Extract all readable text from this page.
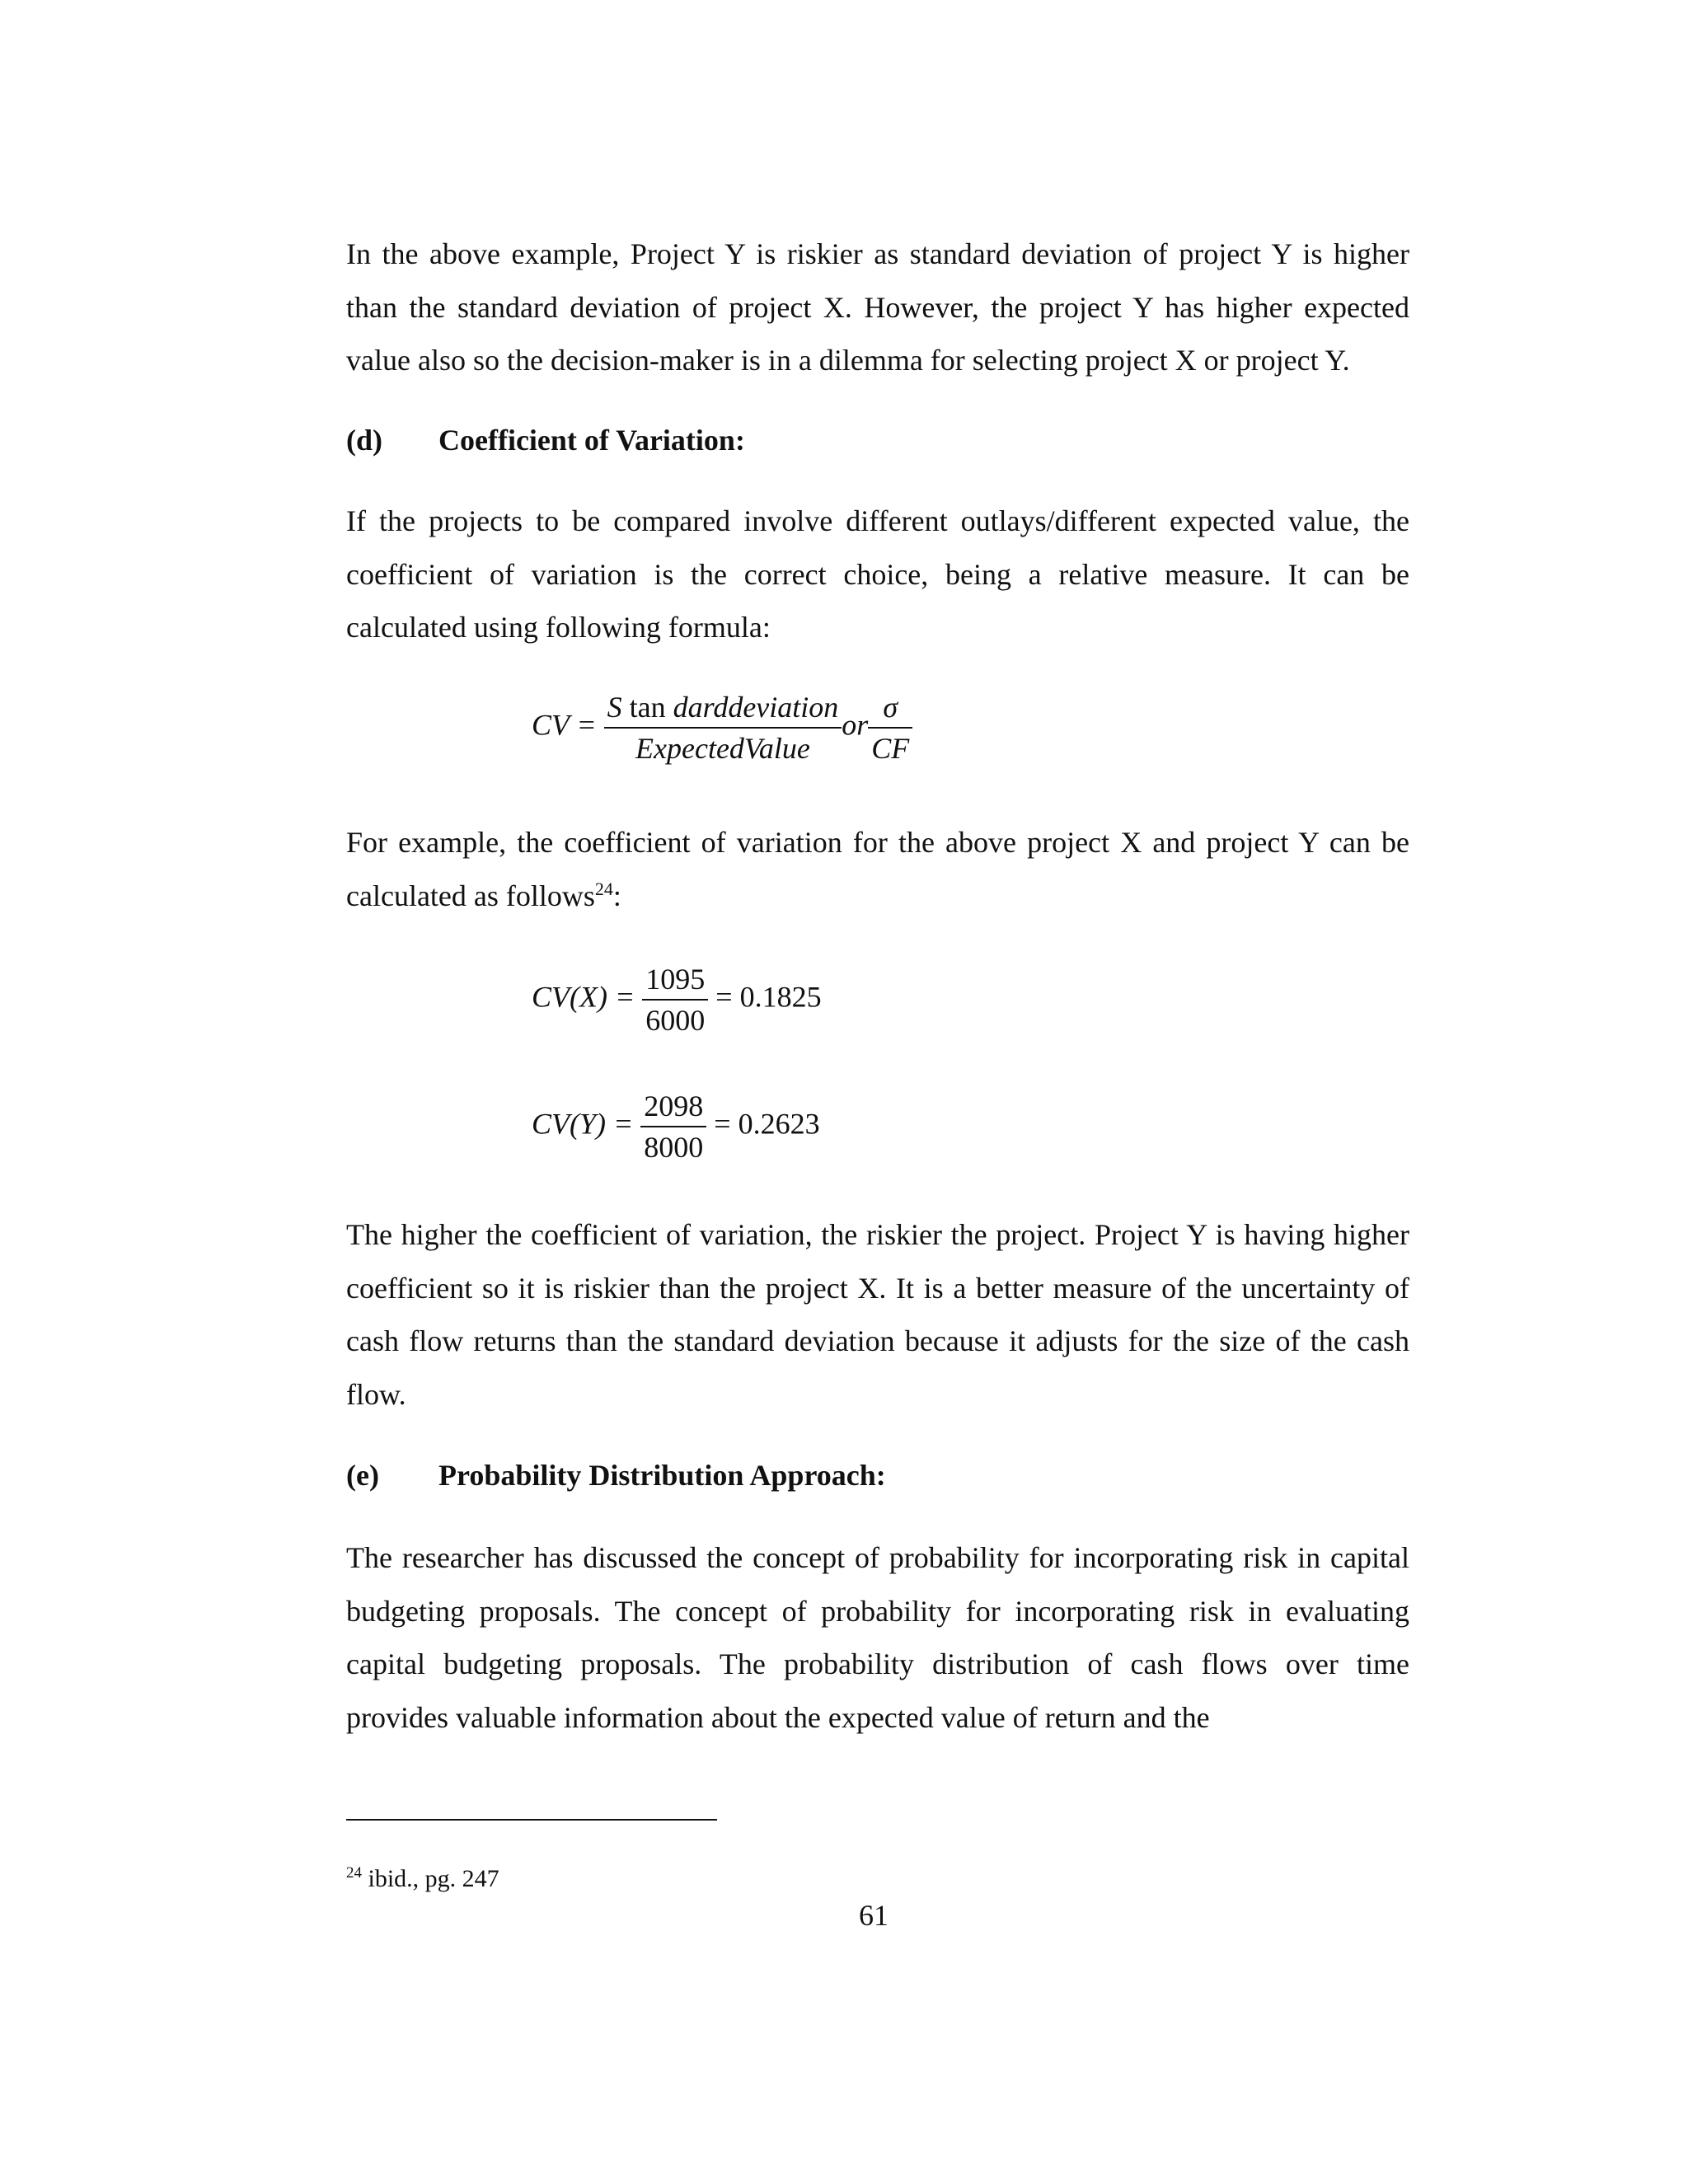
In the above example, Project Y is riskier as standard deviation of project Y is higher than the standard deviation of project X. However, the project Y has higher expected value also so the decision-maker is in a dilemma for selecting project X or project Y.

(d) Coefficient of Variation:

If the projects to be compared involve different outlays/different expected value, the coefficient of variation is the correct choice, being a relative measure. It can be calculated using following formula:

CV = $\frac{\text{S tan darddeviation}}{\text{ExpectedValue}}$ or $\frac{\sigma}{CF}$

For example, the coefficient of variation for the above project X and project Y can be calculated as follows$^{24}$:

$CV(X) = \frac{1095}{6000} = 0.1825$
$CV(Y) = \frac{2098}{8000} = 0.2623$

The higher the coefficient of variation, the riskier the project. Project Y is having higher coefficient so it is riskier than the project X. It is a better measure of the uncertainty of cash flow returns than the standard deviation because it adjusts for the size of the cash flow.

(e) Probability Distribution Approach:

The researcher has discussed the concept of probability for incorporating risk in capital budgeting proposals. The concept of probability for incorporating risk in evaluating capital budgeting proposals. The probability distribution of cash flows over time provides valuable information about the expected value of return and the

$^{24}$ ibid., pg. 247
61
